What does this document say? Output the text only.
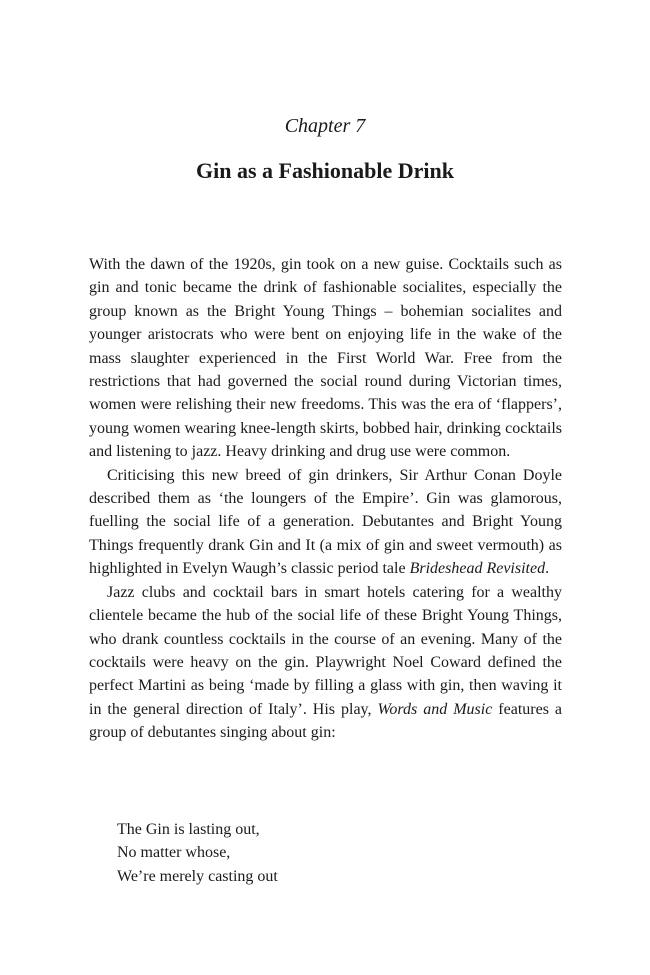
Chapter 7
Gin as a Fashionable Drink

With the dawn of the 1920s, gin took on a new guise. Cocktails such as gin and tonic became the drink of fashionable socialites, especially the group known as the Bright Young Things – bohemian socialites and younger aristocrats who were bent on enjoying life in the wake of the mass slaughter experienced in the First World War. Free from the restrictions that had governed the social round during Victorian times, women were relishing their new freedoms. This was the era of ‘flappers’, young women wearing knee-length skirts, bobbed hair, drinking cocktails and listening to jazz. Heavy drinking and drug use were common.

Criticising this new breed of gin drinkers, Sir Arthur Conan Doyle described them as ‘the loungers of the Empire’. Gin was glamorous, fuelling the social life of a generation. Debutantes and Bright Young Things frequently drank Gin and It (a mix of gin and sweet vermouth) as highlighted in Evelyn Waugh’s classic period tale Brideshead Revisited.

Jazz clubs and cocktail bars in smart hotels catering for a wealthy clientele became the hub of the social life of these Bright Young Things, who drank countless cocktails in the course of an evening. Many of the cocktails were heavy on the gin. Playwright Noel Coward defined the perfect Martini as being ‘made by filling a glass with gin, then waving it in the general direction of Italy’. His play, Words and Music features a group of debutantes singing about gin:

The Gin is lasting out,
No matter whose,
We’re merely casting out
